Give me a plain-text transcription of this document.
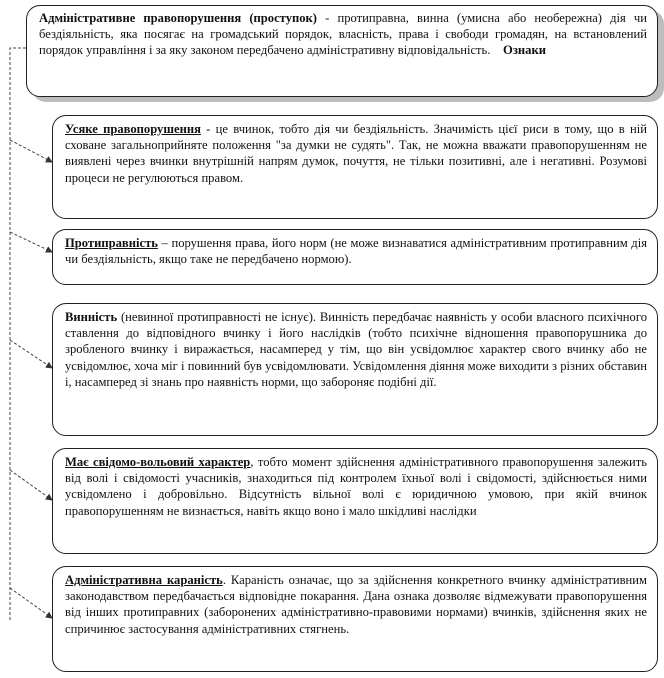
Адміністративне правопорушення (проступок) - протиправна, винна (умисна або необережна) дія чи бездіяльність, яка посягає на громадський порядок, власність, права і свободи громадян, на встановлений порядок управління і за яку законом передбачено адміністративну відповідальність. Ознаки
Усяке правопорушення - це вчинок, тобто дія чи бездіяльність. Значимість цієї риси в тому, що в ній сховане загальноприйняте положення "за думки не судять". Так, не можна вважати правопорушенням не виявлені через вчинки внутрішній напрям думок, почуття, не тільки позитивні, але і негативні. Розумові процеси не регулюються правом.
Протиправність – порушення права, його норм (не може визнаватися адміністративним протиправним дія чи бездіяльність, якщо таке не передбачено нормою).
Винність (невинної протиправності не існує). Винність передбачає наявність у особи власного психічного ставлення до відповідного вчинку і його наслідків (тобто психічне відношення правопорушника до зробленого вчинку і виражається, насамперед у тім, що він усвідомлює характер свого вчинку або не усвідомлює, хоча міг і повинний був усвідомлювати. Усвідомлення діяння може виходити з різних обставин і, насамперед зі знань про наявність норми, що забороняє подібні дії.
Має свідомо-вольовий характер, тобто момент здійснення адміністративного правопорушення залежить від волі і свідомості учасників, знаходиться під контролем їхньої волі і свідомості, здійснюється ними усвідомлено і добровільно. Відсутність вільної волі є юридичною умовою, при якій вчинок правопорушенням не визнається, навіть якщо воно і мало шкідливі наслідки
Адміністративна караність. Караність означає, що за здійснення конкретного вчинку адміністративним законодавством передбачається відповідне покарання. Дана ознака дозволяє відмежувати правопорушення від інших протиправних (заборонених адміністративно-правовими нормами) вчинків, здійснення яких не спричинює застосування адміністративних стягнень.
